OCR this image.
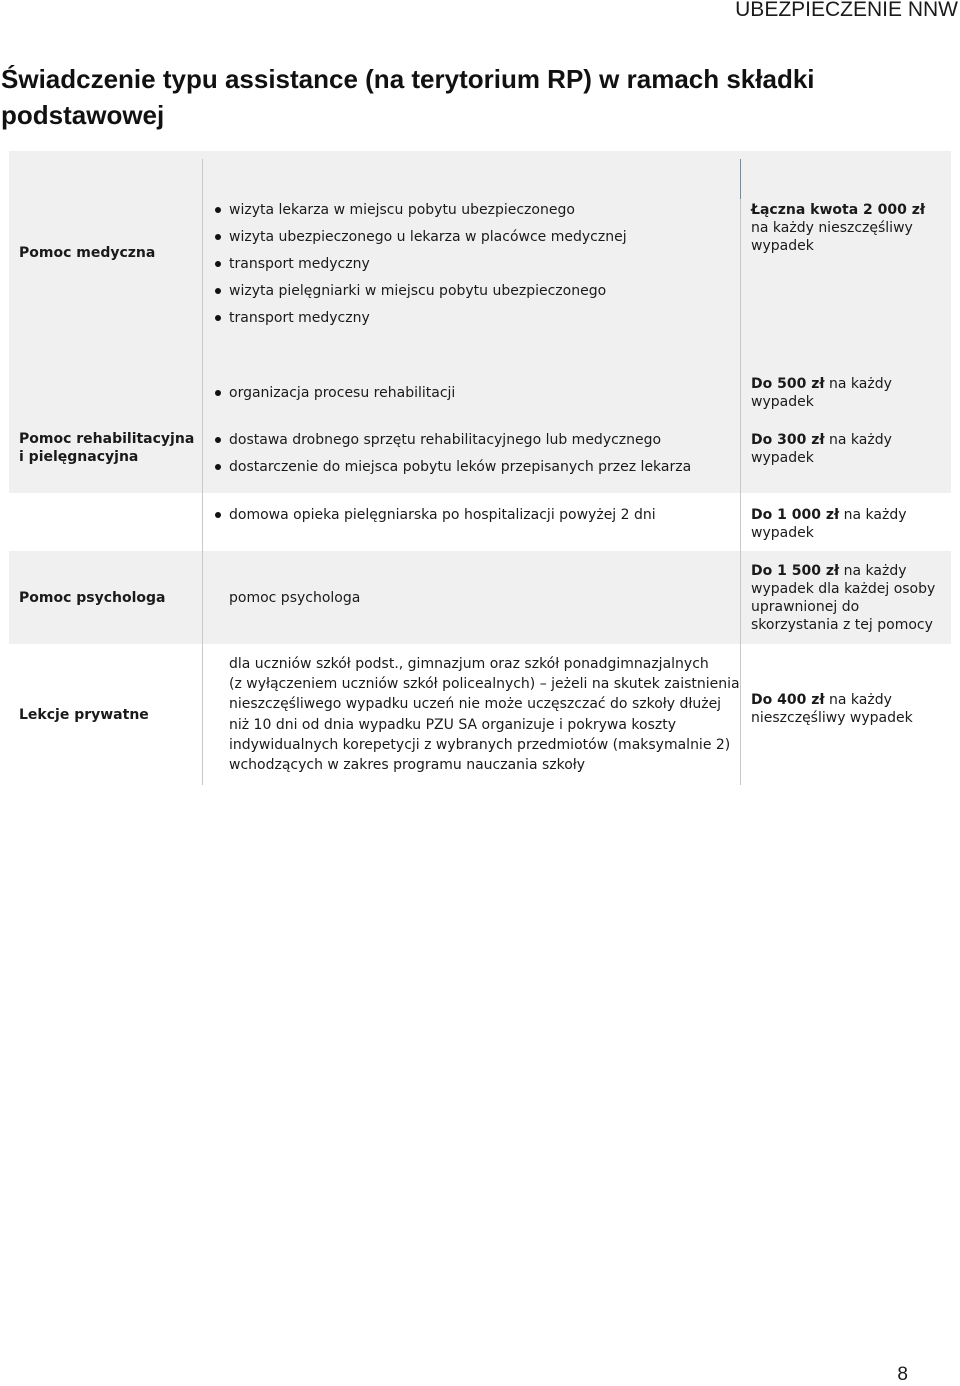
UBEZPIECZENIE NNW
Świadczenie typu assistance (na terytorium RP) w ramach składki podstawowej
Pomoc medyczna
wizyta lekarza w miejscu pobytu ubezpieczonego
wizyta ubezpieczonego u lekarza w placówce medycznej
transport medyczny
wizyta pielęgniarki w miejscu pobytu ubezpieczonego
transport medyczny
Łączna kwota 2 000 zł
na każdy nieszczęśliwy wypadek
Pomoc rehabilitacyjna i pielęgnacyjna
organizacja procesu rehabilitacji
Do 500 zł na każdy wypadek
dostawa drobnego sprzętu rehabilitacyjnego lub medycznego
dostarczenie do miejsca pobytu leków przepisanych przez lekarza
Do 300 zł na każdy wypadek
domowa opieka pielęgniarska po hospitalizacji powyżej 2 dni	Do 1 000 zł na każdy wypadek
Pomoc psychologa	pomoc psychologa
Do 1 500 zł na każdy wypadek dla każdej osoby uprawnionej do skorzystania z tej pomocy
Lekcje prywatne
dla uczniów szkół podst., gimnazjum oraz szkół ponadgimnazjalnych
(z wyłączeniem uczniów szkół policealnych) – jeżeli na skutek zaistnienia
nieszczęśliwego wypadku uczeń nie może uczęszczać do szkoły dłużej
niż 10 dni od dnia wypadku PZU SA organizuje i pokrywa koszty
indywidualnych korepetycji z wybranych przedmiotów (maksymalnie 2)
wchodzących w zakres programu nauczania szkoły
Do 400 zł na każdy nieszczęśliwy wypadek
8
